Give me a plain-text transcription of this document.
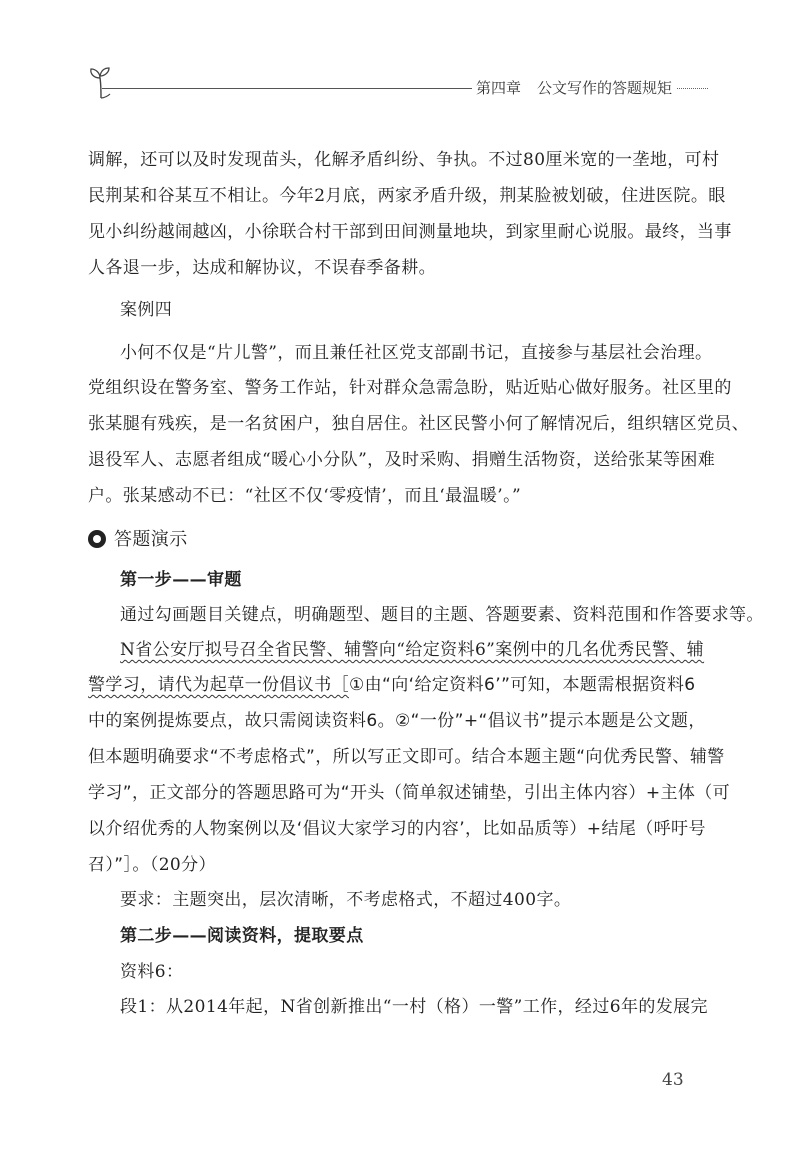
第四章 公文写作的答题规矩
调解，还可以及时发现苗头，化解矛盾纠纷、争执。不过80厘米宽的一垄地，可村
民荆某和谷某互不相让。今年2月底，两家矛盾升级，荆某脸被划破，住进医院。眼
见小纠纷越闹越凶，小徐联合村干部到田间测量地块，到家里耐心说服。最终，当事
人各退一步，达成和解协议，不误春季备耕。
案例四
小何不仅是“片儿警”，而且兼任社区党支部副书记，直接参与基层社会治理。
党组织设在警务室、警务工作站，针对群众急需急盼，贴近贴心做好服务。社区里的
张某腿有残疾，是一名贫困户，独自居住。社区民警小何了解情况后，组织辖区党员、
退役军人、志愿者组成“暖心小分队”，及时采购、捐赠生活物资，送给张某等困难
户。张某感动不已：“社区不仅‘零疫情’，而且‘最温暖’。”
答题演示
第一步——审题
通过勾画题目关键点，明确题型、题目的主题、答题要素、资料范围和作答要求等。
N省公安厅拟号召全省民警、辅警向“给定资料6”案例中的几名优秀民警、辅
警学习，请代为起草一份倡议书［①由“向‘给定资料6’”可知，本题需根据资料6
中的案例提炼要点，故只需阅读资料6。②“一份”+“倡议书”提示本题是公文题，
但本题明确要求“不考虑格式”，所以写正文即可。结合本题主题“向优秀民警、辅警
学习”，正文部分的答题思路可为“开头（简单叙述铺垫，引出主体内容）+主体（可
以介绍优秀的人物案例以及‘倡议大家学习的内容’，比如品质等）+结尾（呼吁号
召）”］。（20分）
要求：主题突出，层次清晰，不考虑格式，不超过400字。
第二步——阅读资料，提取要点
资料6：
段1：从2014年起，N省创新推出“一村（格）一警”工作，经过6年的发展完
43
